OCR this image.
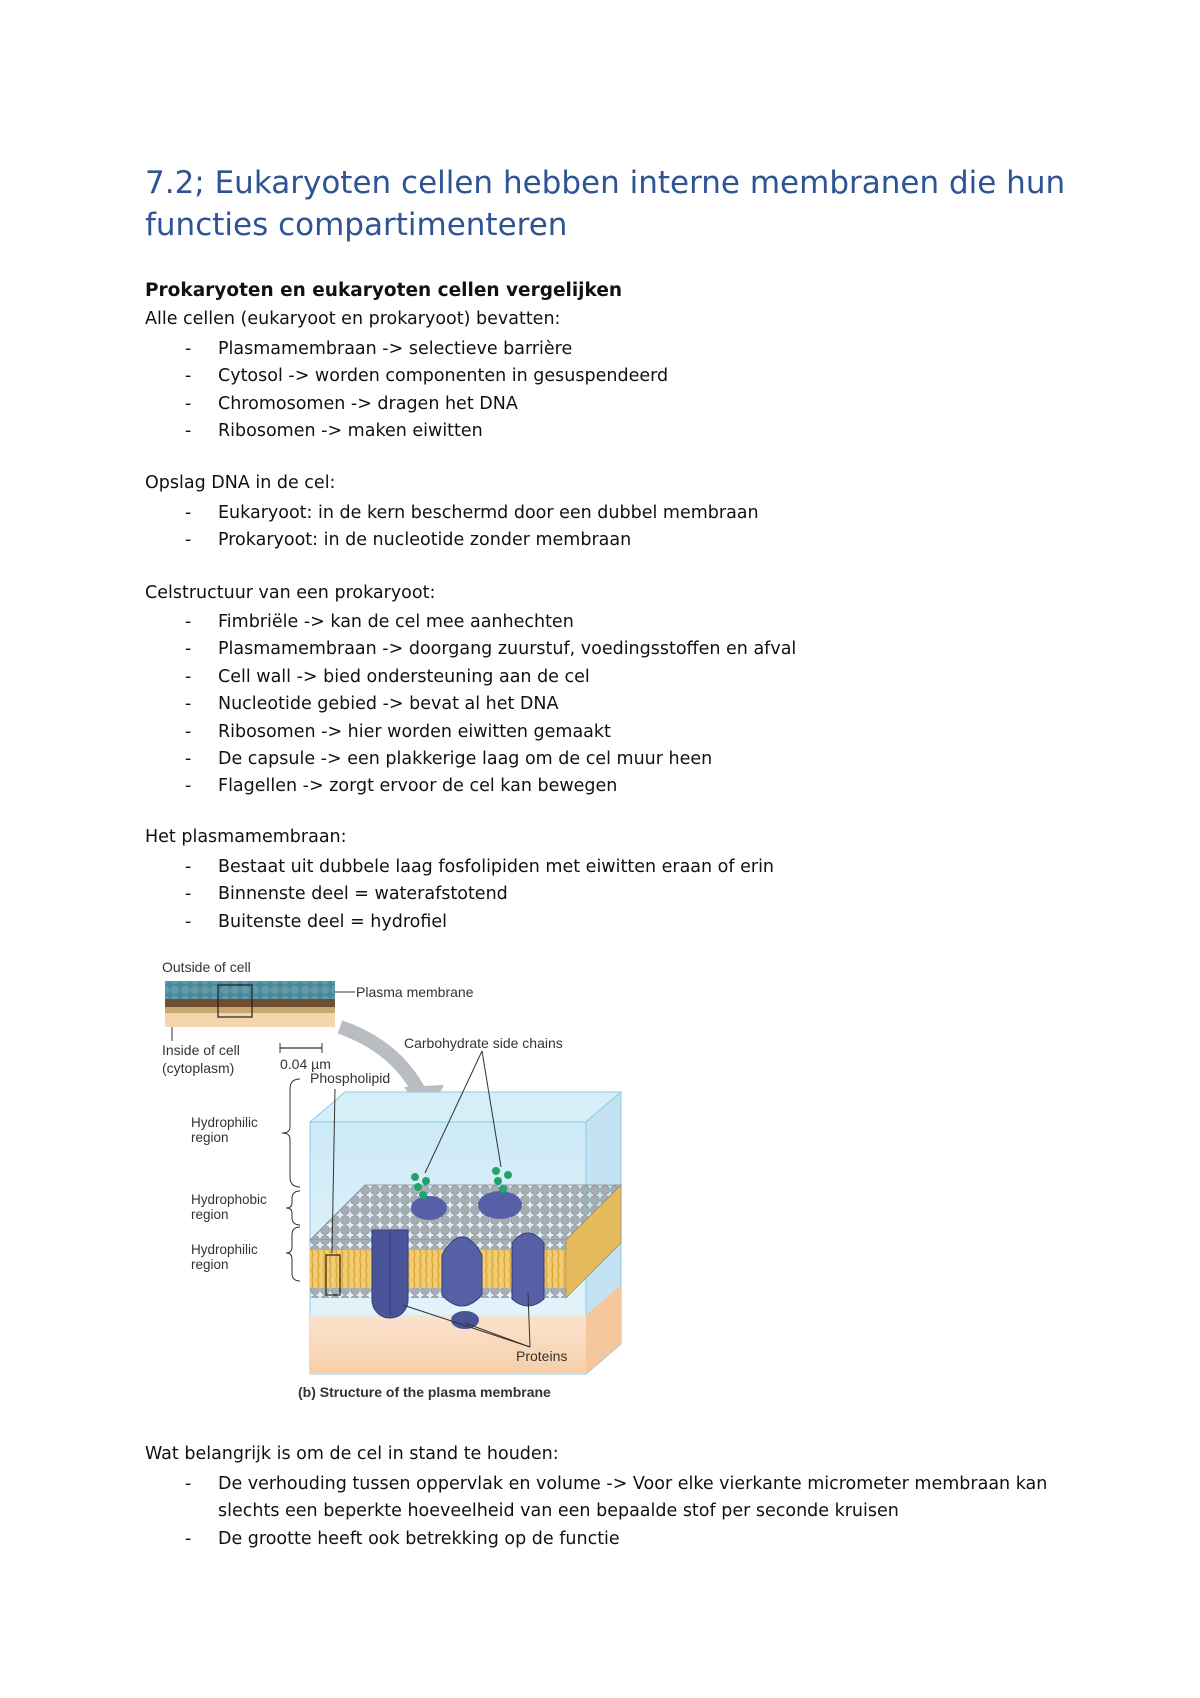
7.2; Eukaryoten cellen hebben interne membranen die hun functies compartimenteren
Prokaryoten en eukaryoten cellen vergelijken
Alle cellen (eukaryoot en prokaryoot) bevatten:
- Plasmamembraan -> selectieve barrière
- Cytosol -> worden componenten in gesuspendeerd
- Chromosomen -> dragen het DNA
- Ribosomen -> maken eiwitten
Opslag DNA in de cel:
- Eukaryoot: in de kern beschermd door een dubbel membraan
- Prokaryoot: in de nucleotide zonder membraan
Celstructuur van een prokaryoot:
- Fimbriële -> kan de cel mee aanhechten
- Plasmamembraan -> doorgang zuurstuf, voedingsstoffen en afval
- Cell wall -> bied ondersteuning aan de cel
- Nucleotide gebied -> bevat al het DNA
- Ribosomen -> hier worden eiwitten gemaakt
- De capsule -> een plakkerige laag om de cel muur heen
- Flagellen -> zorgt ervoor de cel kan bewegen
Het plasmamembraan:
- Bestaat uit dubbele laag fosfolipiden met eiwitten eraan of erin
- Binnenste deel = waterafstotend
- Buitenste deel = hydrofiel
Outside of cell
Plasma membrane
Inside of cell
(cytoplasm)	0.04 µm
Carbohydrate side chains
Phospholipid
Proteins
Hydrophilic
region
Hydrophobic
region
Hydrophilic
region
(b) Structure of the plasma membrane
Wat belangrijk is om de cel in stand te houden:
- De verhouding tussen oppervlak en volume -> Voor elke vierkante micrometer membraan kan slechts een beperkte hoeveelheid van een bepaalde stof per seconde kruisen
- De grootte heeft ook betrekking op de functie
